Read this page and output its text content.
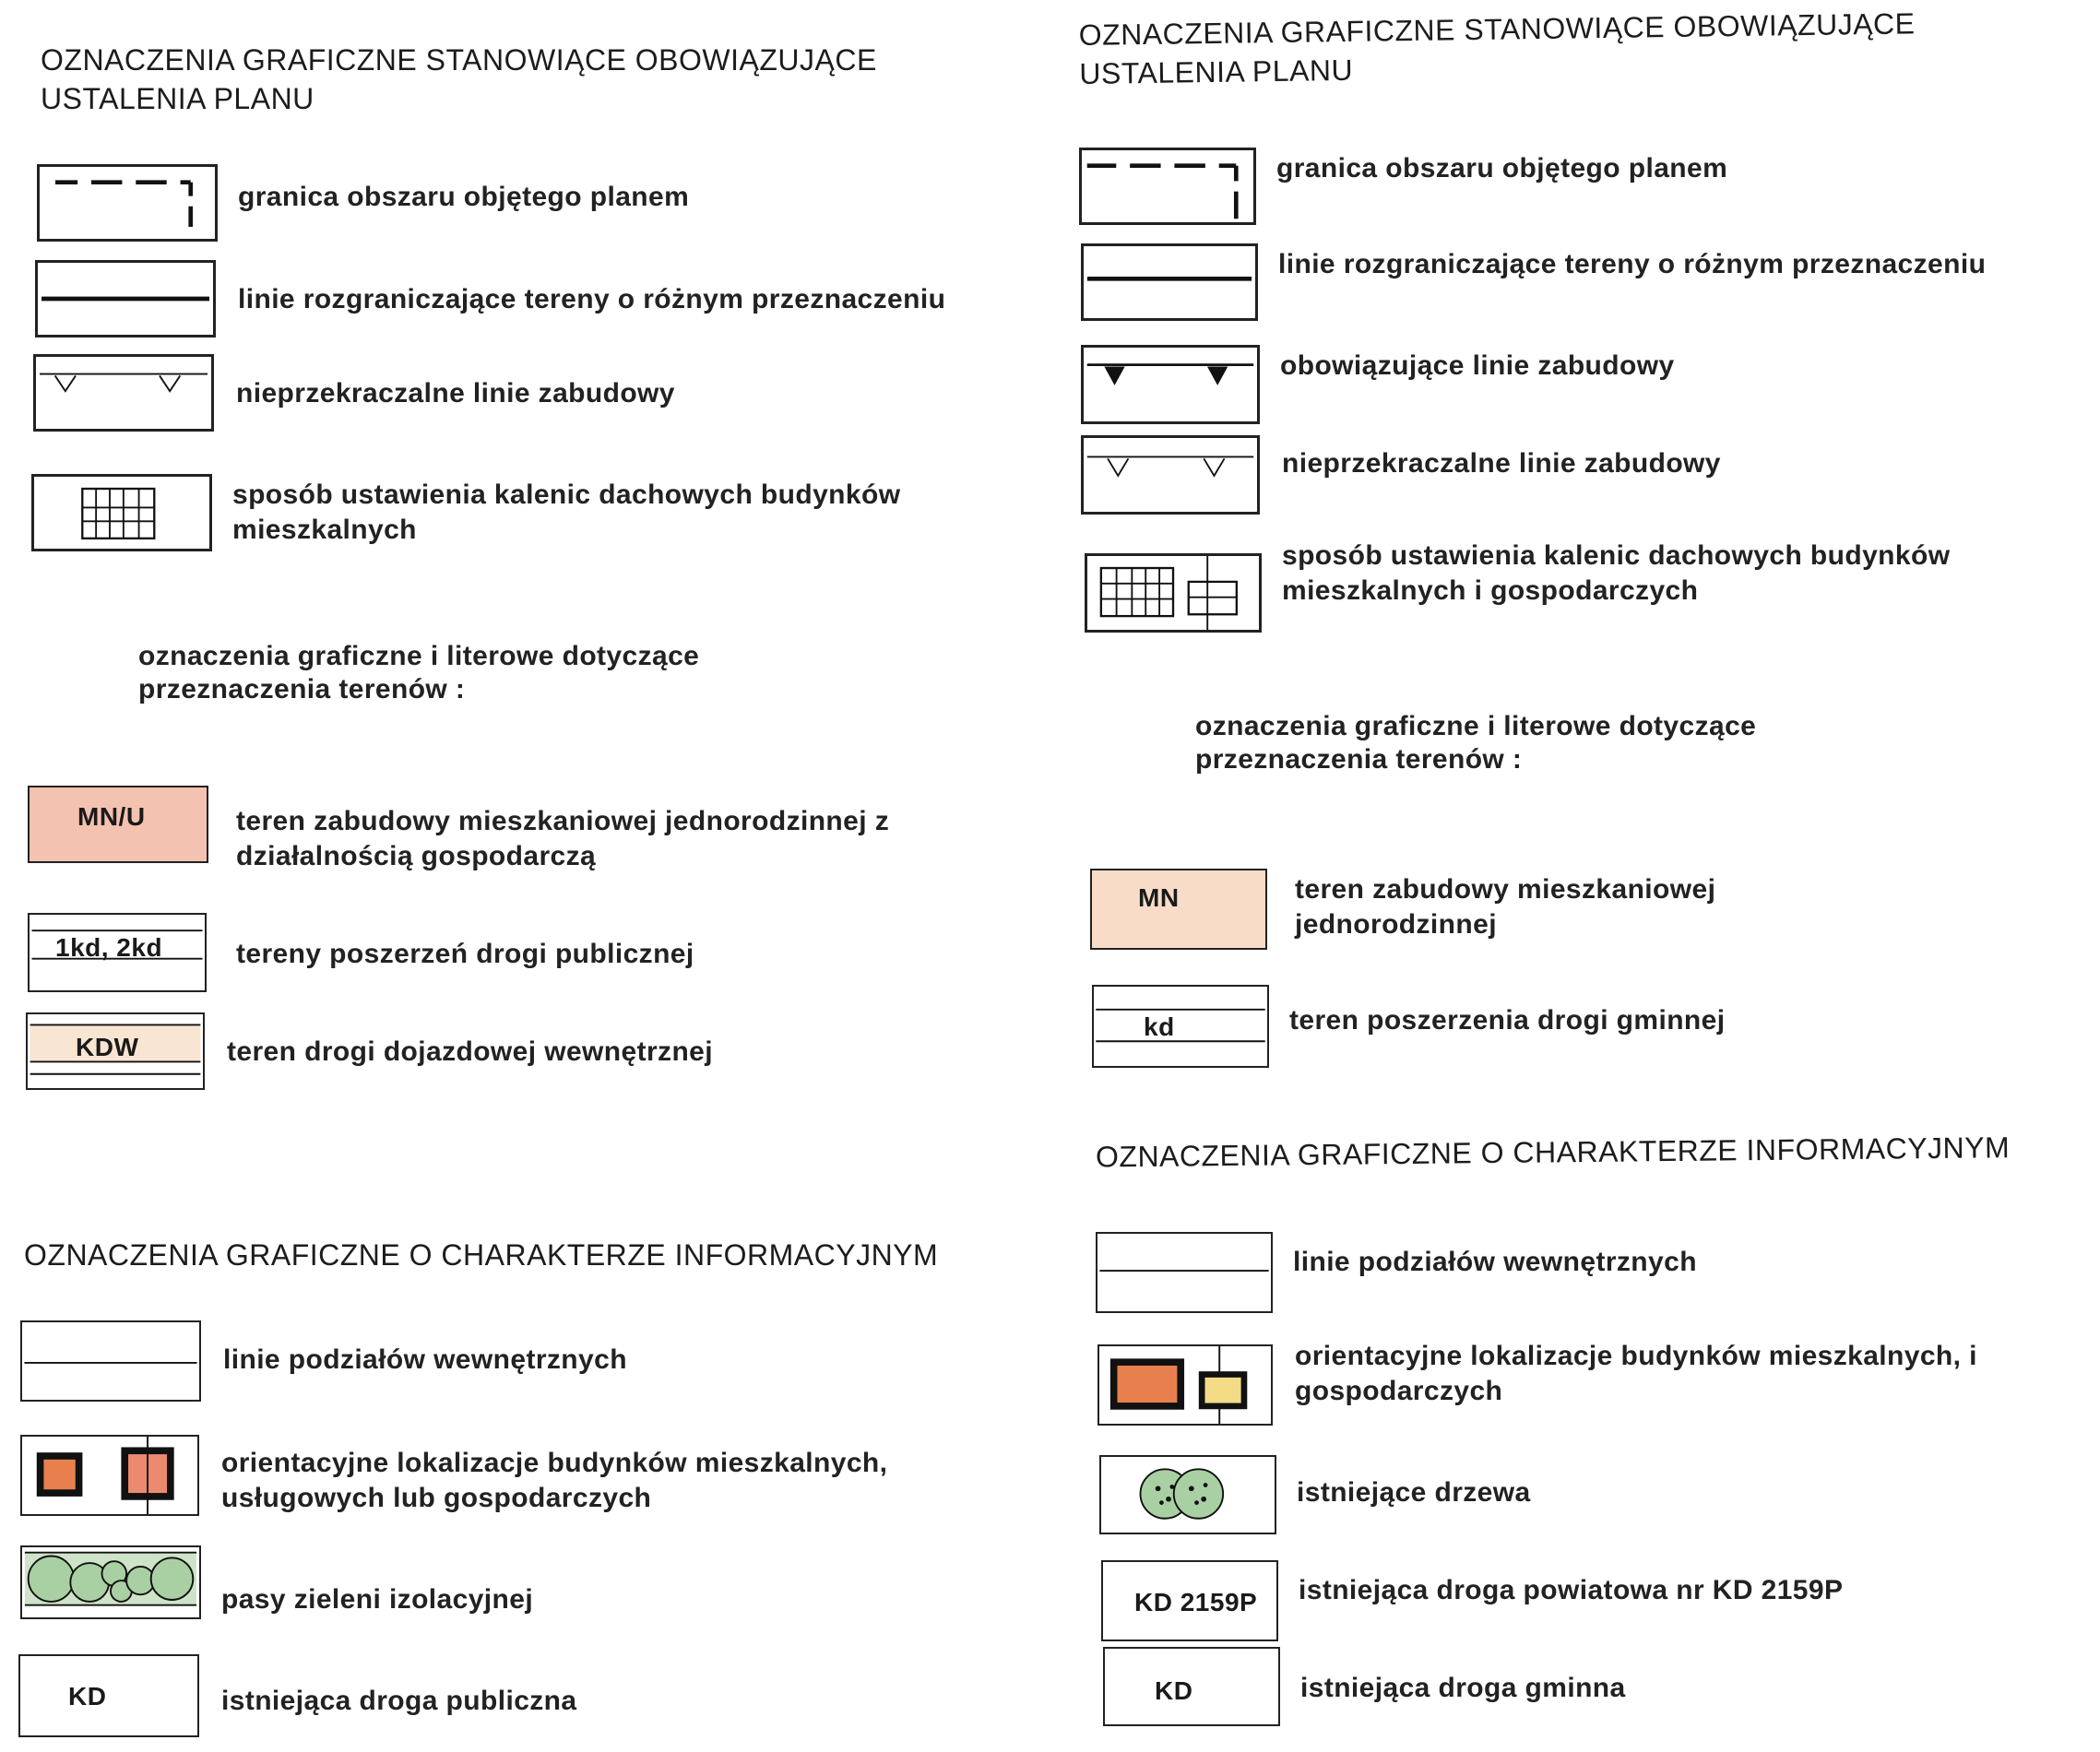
OZNACZENIA GRAFICZNE STANOWIĄCE OBOWIĄZUJĄCE USTALENIA PLANU
granica obszaru objętego planem
linie rozgraniczające tereny o różnym przeznaczeniu
nieprzekraczalne linie zabudowy
sposób ustawienia kalenic dachowych budynków mieszkalnych
oznaczenia graficzne i literowe dotyczące przeznaczenia terenów :
MN/U	teren zabudowy mieszkaniowej jednorodzinnej z działalnością gospodarczą
1kd, 2kd	tereny poszerzeń drogi publicznej
KDW	teren drogi dojazdowej wewnętrznej
OZNACZENIA GRAFICZNE O CHARAKTERZE INFORMACYJNYM
linie podziałów wewnętrznych
orientacyjne lokalizacje budynków mieszkalnych, usługowych lub gospodarczych
pasy zieleni izolacyjnej
KD	istniejąca droga publiczna
OZNACZENIA GRAFICZNE STANOWIĄCE OBOWIĄZUJĄCE USTALENIA PLANU
granica obszaru objętego planem
linie rozgraniczające tereny o różnym przeznaczeniu
obowiązujące linie zabudowy
nieprzekraczalne linie zabudowy
sposób ustawienia kalenic dachowych budynków mieszkalnych i gospodarczych
oznaczenia graficzne i literowe dotyczące przeznaczenia terenów :
MN	teren zabudowy mieszkaniowej jednorodzinnej
kd	teren poszerzenia drogi gminnej
OZNACZENIA GRAFICZNE O CHARAKTERZE INFORMACYJNYM
linie podziałów wewnętrznych
orientacyjne lokalizacje budynków mieszkalnych, i gospodarczych
istniejące drzewa
KD 2159P istniejąca droga powiatowa nr KD 2159P
KD	istniejąca droga gminna
